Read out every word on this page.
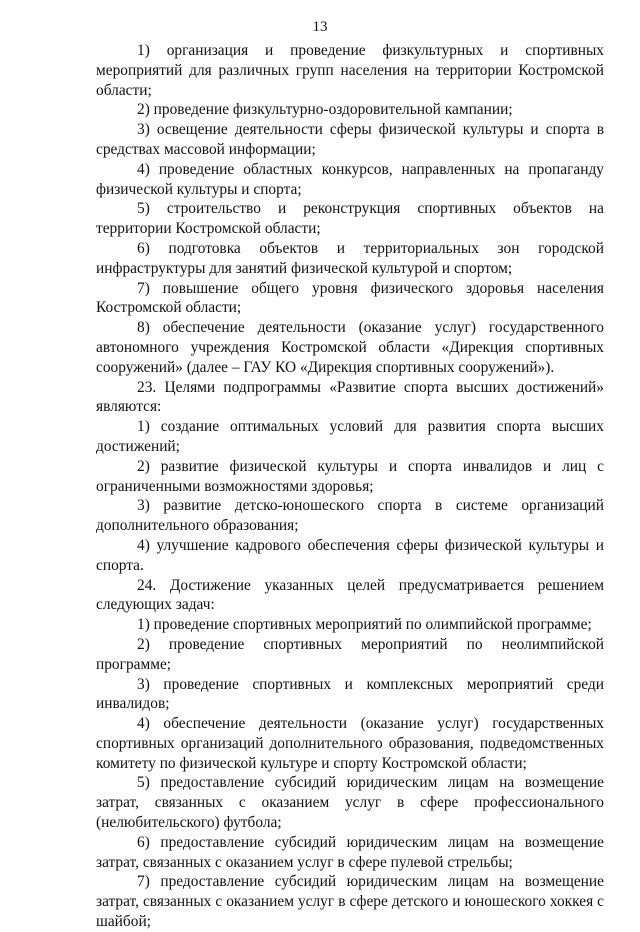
13

1) организация и проведение физкультурных и спортивных мероприятий для различных групп населения на территории Костромской области;

2) проведение физкультурно-оздоровительной кампании;

3) освещение деятельности сферы физической культуры и спорта в средствах массовой информации;

4) проведение областных конкурсов, направленных на пропаганду физической культуры и спорта;

5) строительство и реконструкция спортивных объектов на территории Костромской области;

6) подготовка объектов и территориальных зон городской инфраструктуры для занятий физической культурой и спортом;

7) повышение общего уровня физического здоровья населения Костромской области;

8) обеспечение деятельности (оказание услуг) государственного автономного учреждения Костромской области «Дирекция спортивных сооружений» (далее – ГАУ КО «Дирекция спортивных сооружений»).

23. Целями подпрограммы «Развитие спорта высших достижений» являются:

1) создание оптимальных условий для развития спорта высших достижений;

2) развитие физической культуры и спорта инвалидов и лиц с ограниченными возможностями здоровья;

3) развитие детско-юношеского спорта в системе организаций дополнительного образования;

4) улучшение кадрового обеспечения сферы физической культуры и спорта.

24. Достижение указанных целей предусматривается решением следующих задач:

1) проведение спортивных мероприятий по олимпийской программе;

2) проведение спортивных мероприятий по неолимпийской программе;

3) проведение спортивных и комплексных мероприятий среди инвалидов;

4) обеспечение деятельности (оказание услуг) государственных спортивных организаций дополнительного образования, подведомственных комитету по физической культуре и спорту Костромской области;

5) предоставление субсидий юридическим лицам на возмещение затрат, связанных с оказанием услуг в сфере профессионального (нелюбительского) футбола;

6) предоставление субсидий юридическим лицам на возмещение затрат, связанных с оказанием услуг в сфере пулевой стрельбы;

7) предоставление субсидий юридическим лицам на возмещение затрат, связанных с оказанием услуг в сфере детского и юношеского хоккея с шайбой;
